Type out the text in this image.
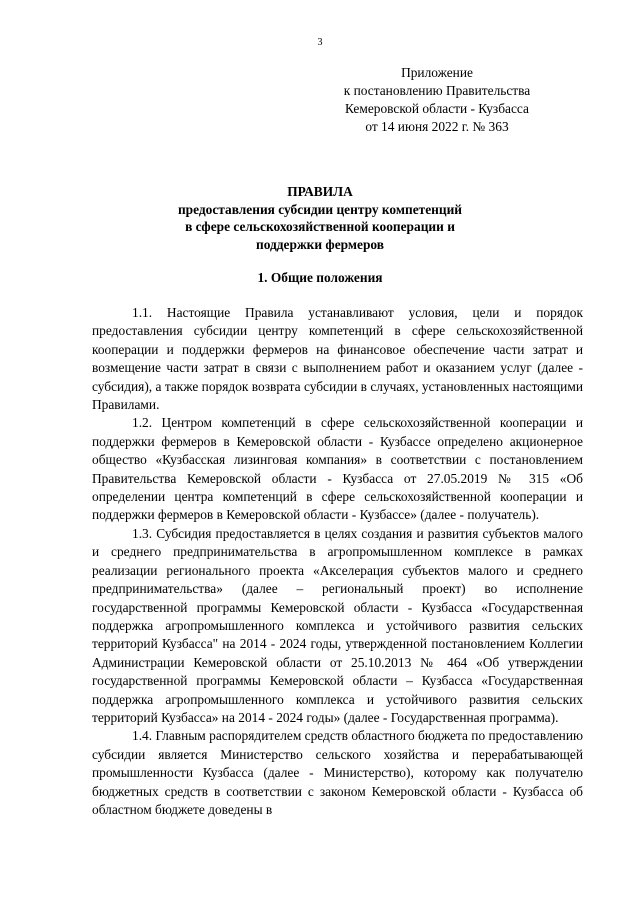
3
Приложение
к постановлению Правительства
Кемеровской области - Кузбасса
от 14 июня 2022 г. № 363
ПРАВИЛА
предоставления субсидии центру компетенций
в сфере сельскохозяйственной кооперации и
поддержки фермеров
1. Общие положения

1.1. Настоящие Правила устанавливают условия, цели и порядок предоставления субсидии центру компетенций в сфере сельскохозяйственной кооперации и поддержки фермеров на финансовое обеспечение части затрат и возмещение части затрат в связи с выполнением работ и оказанием услуг (далее - субсидия), а также порядок возврата субсидии в случаях, установленных настоящими Правилами.

1.2. Центром компетенций в сфере сельскохозяйственной кооперации и поддержки фермеров в Кемеровской области - Кузбассе определено акционерное общество «Кузбасская лизинговая компания» в соответствии с постановлением Правительства Кемеровской области - Кузбасса от 27.05.2019 № 315 «Об определении центра компетенций в сфере сельскохозяйственной кооперации и поддержки фермеров в Кемеровской области - Кузбассе» (далее - получатель).

1.3. Субсидия предоставляется в целях создания и развития субъектов малого и среднего предпринимательства в агропромышленном комплексе в рамках реализации регионального проекта «Акселерация субъектов малого и среднего предпринимательства» (далее – региональный проект) во исполнение государственной программы Кемеровской области - Кузбасса «Государственная поддержка агропромышленного комплекса и устойчивого развития сельских территорий Кузбасса" на 2014 - 2024 годы, утвержденной постановлением Коллегии Администрации Кемеровской области от 25.10.2013 № 464 «Об утверждении государственной программы Кемеровской области – Кузбасса «Государственная поддержка агропромышленного комплекса и устойчивого развития сельских территорий Кузбасса» на 2014 - 2024 годы» (далее - Государственная программа).

1.4. Главным распорядителем средств областного бюджета по предоставлению субсидии является Министерство сельского хозяйства и перерабатывающей промышленности Кузбасса (далее - Министерство), которому как получателю бюджетных средств в соответствии с законом Кемеровской области - Кузбасса об областном бюджете доведены в
